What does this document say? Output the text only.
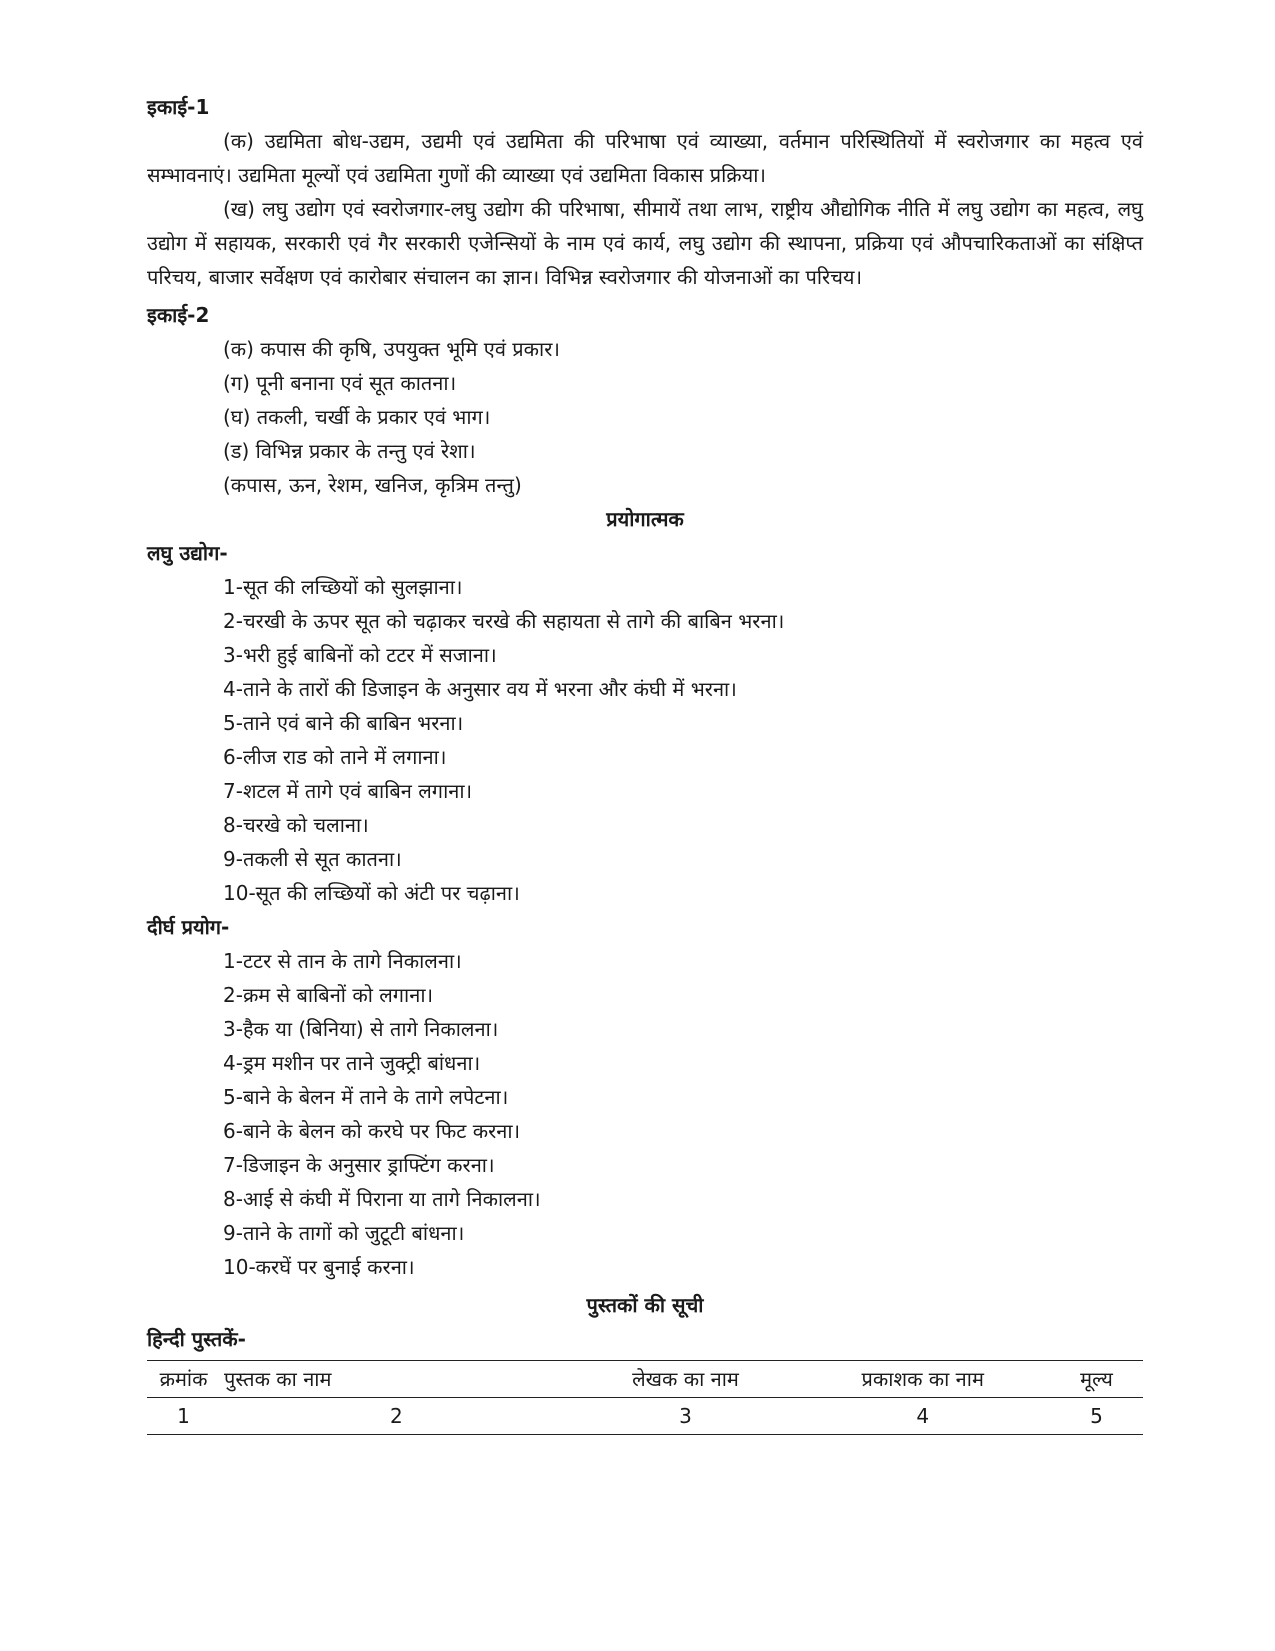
इकाई-1

(क) उद्यमिता बोध-उद्यम, उद्यमी एवं उद्यमिता की परिभाषा एवं व्याख्या, वर्तमान परिस्थितियों में स्वरोजगार का महत्व एवं सम्भावनाएं। उद्यमिता मूल्यों एवं उद्यमिता गुणों की व्याख्या एवं उद्यमिता विकास प्रक्रिया।

(ख) लघु उद्योग एवं स्वरोजगार-लघु उद्योग की परिभाषा, सीमायें तथा लाभ, राष्ट्रीय औद्योगिक नीति में लघु उद्योग का महत्व, लघु उद्योग में सहायक, सरकारी एवं गैर सरकारी एजेन्सियों के नाम एवं कार्य, लघु उद्योग की स्थापना, प्रक्रिया एवं औपचारिकताओं का संक्षिप्त परिचय, बाजार सर्वेक्षण एवं कारोबार संचालन का ज्ञान। विभिन्न स्वरोजगार की योजनाओं का परिचय।

इकाई-2

(क) कपास की कृषि, उपयुक्त भूमि एवं प्रकार।

(ग) पूनी बनाना एवं सूत कातना।

(घ) तकली, चर्खी के प्रकार एवं भाग।

(ड) विभिन्न प्रकार के तन्तु एवं रेशा।

(कपास, ऊन, रेशम, खनिज, कृत्रिम तन्तु)

प्रयोगात्मक

लघु उद्योग-

1-सूत की लच्छियों को सुलझाना।

2-चरखी के ऊपर सूत को चढ़ाकर चरखे की सहायता से तागे की बाबिन भरना।

3-भरी हुई बाबिनों को टटर में सजाना।

4-ताने के तारों की डिजाइन के अनुसार वय में भरना और कंघी में भरना।

5-ताने एवं बाने की बाबिन भरना।

6-लीज राड को ताने में लगाना।

7-शटल में तागे एवं बाबिन लगाना।

8-चरखे को चलाना।

9-तकली से सूत कातना।

10-सूत की लच्छियों को अंटी पर चढ़ाना।

दीर्घ प्रयोग-

1-टटर से तान के तागे निकालना।

2-क्रम से बाबिनों को लगाना।

3-हैक या (बिनिया) से तागे निकालना।

4-ड्रम मशीन पर ताने जुक्ट्री बांधना।

5-बाने के बेलन में ताने के तागे लपेटना।

6-बाने के बेलन को करघे पर फिट करना।

7-डिजाइन के अनुसार ड्राफ्टिंग करना।

8-आई से कंघी में पिराना या तागे निकालना।

9-ताने के तागों को जुटूटी बांधना।

10-करघें पर बुनाई करना।

पुस्तकों की सूची

हिन्दी पुस्तकें-

क्रमांक	पुस्तक का नाम	लेखक का नाम	प्रकाशक का नाम	मूल्य
1	2	3	4	5
